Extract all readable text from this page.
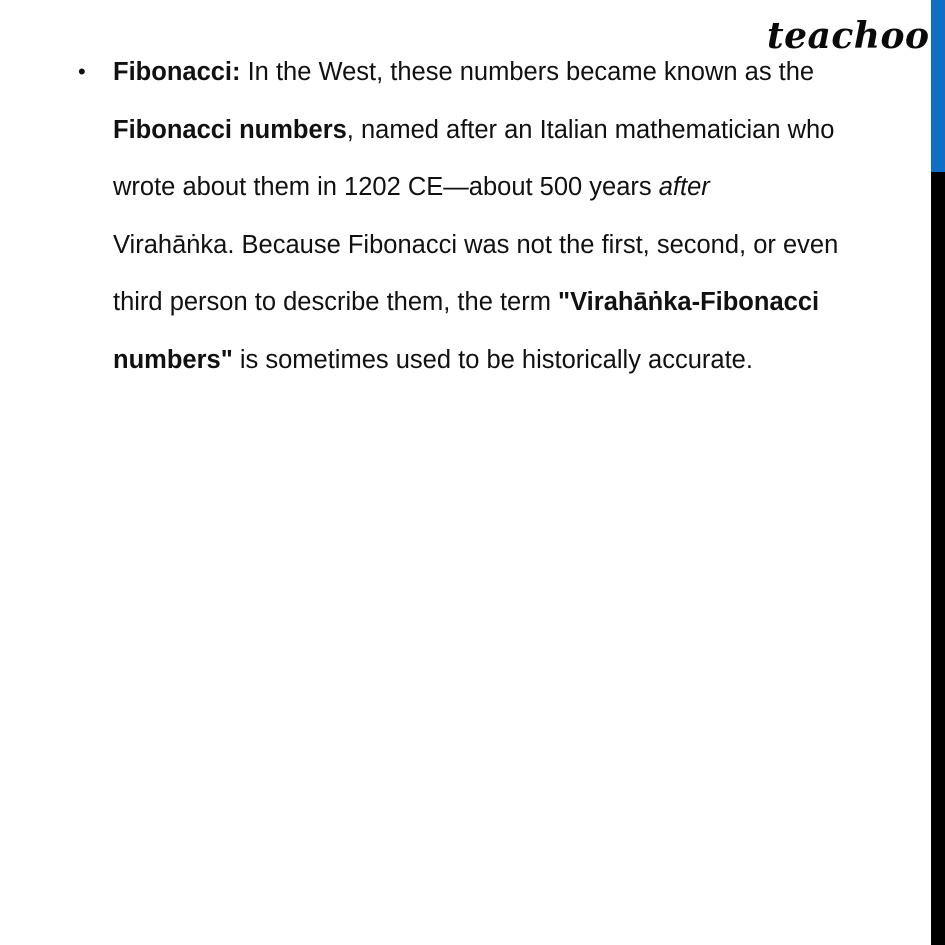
teachoo
• Fibonacci: In the West, these numbers became known as the
Fibonacci numbers, named after an Italian mathematician who
wrote about them in 1202 CE—about 500 years after
Virahāṅka. Because Fibonacci was not the first, second, or even
third person to describe them, the term "Virahāṅka-Fibonacci
numbers" is sometimes used to be historically accurate.
